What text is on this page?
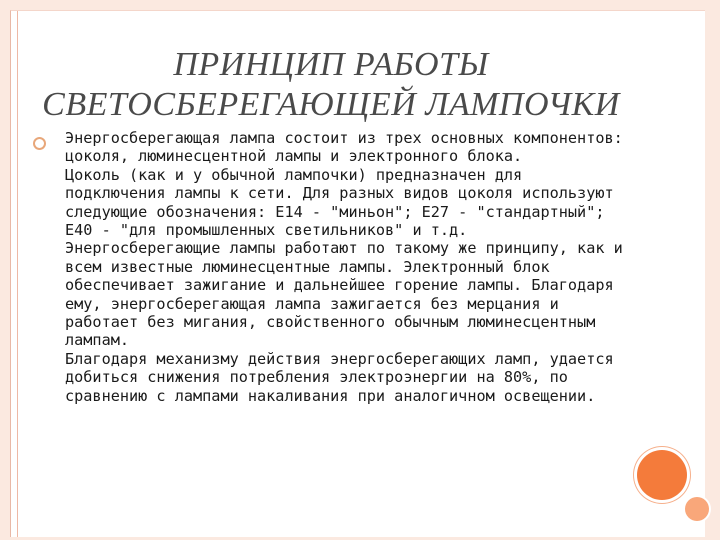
ПРИНЦИП РАБОТЫ
СВЕТОСБЕРЕГАЮЩЕЙ ЛАМПОЧКИ
Энергосберегающая лампа состоит из трех основных компонентов: цоколя, люминесцентной лампы и электронного блока.
Цоколь (как и у обычной лампочки) предназначен для подключения лампы к сети. Для разных видов цоколя используют следующие обозначения: Е14 - "миньон"; Е27 - "стандартный"; Е40 - "для промышленных светильников" и т.д.
Энергосберегающие лампы работают по такому же принципу, как и всем известные люминесцентные лампы. Электронный блок обеспечивает зажигание и дальнейшее горение лампы. Благодаря ему, энергосберегающая лампа зажигается без мерцания и работает без мигания, свойственного обычным люминесцентным лампам.
Благодаря механизму действия энергосберегающих ламп, удается добиться снижения потребления электроэнергии на 80%, по сравнению с лампами накаливания при аналогичном освещении.
